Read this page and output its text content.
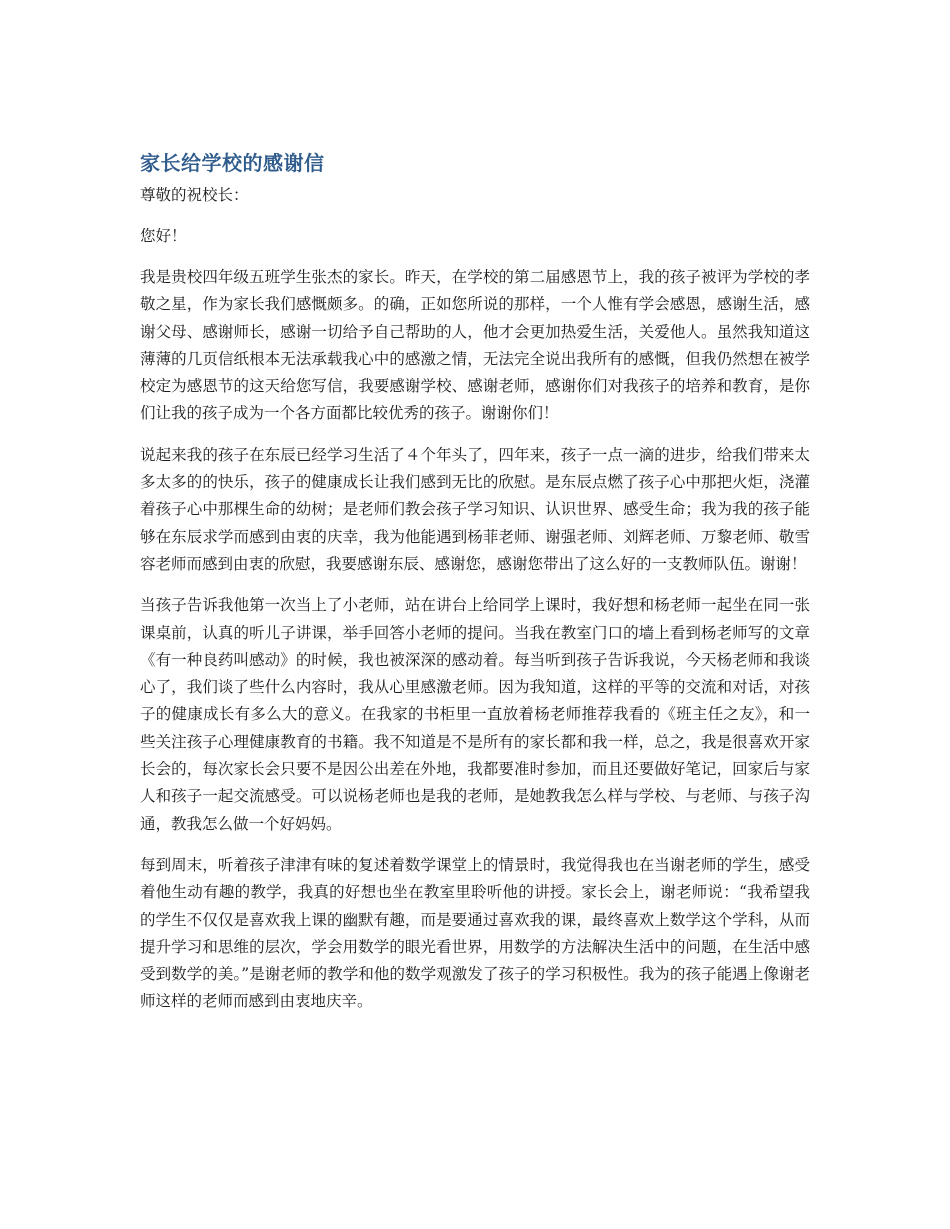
家长给学校的感谢信

尊敬的祝校长：

您好！

我是贵校四年级五班学生张杰的家长。昨天，在学校的第二届感恩节上，我的孩子被评为学校的孝敬之星，作为家长我们感慨颇多。的确，正如您所说的那样，一个人惟有学会感恩，感谢生活，感谢父母、感谢师长，感谢一切给予自己帮助的人，他才会更加热爱生活，关爱他人。虽然我知道这薄薄的几页信纸根本无法承载我心中的感激之情，无法完全说出我所有的感慨，但我仍然想在被学校定为感恩节的这天给您写信，我要感谢学校、感谢老师，感谢你们对我孩子的培养和教育，是你们让我的孩子成为一个各方面都比较优秀的孩子。谢谢你们！

说起来我的孩子在东辰已经学习生活了４个年头了，四年来，孩子一点一滴的进步，给我们带来太多太多的的快乐，孩子的健康成长让我们感到无比的欣慰。是东辰点燃了孩子心中那把火炬，浇灌着孩子心中那棵生命的幼树；是老师们教会孩子学习知识、认识世界、感受生命；我为我的孩子能够在东辰求学而感到由衷的庆幸，我为他能遇到杨菲老师、谢强老师、刘辉老师、万黎老师、敬雪容老师而感到由衷的欣慰，我要感谢东辰、感谢您，感谢您带出了这么好的一支教师队伍。谢谢！

当孩子告诉我他第一次当上了小老师，站在讲台上给同学上课时，我好想和杨老师一起坐在同一张课桌前，认真的听儿子讲课，举手回答小老师的提问。当我在教室门口的墙上看到杨老师写的文章《有一种良药叫感动》的时候，我也被深深的感动着。每当听到孩子告诉我说，今天杨老师和我谈心了，我们谈了些什么内容时，我从心里感激老师。因为我知道，这样的平等的交流和对话，对孩子的健康成长有多么大的意义。在我家的书柜里一直放着杨老师推荐我看的《班主任之友》，和一些关注孩子心理健康教育的书籍。我不知道是不是所有的家长都和我一样，总之，我是很喜欢开家长会的，每次家长会只要不是因公出差在外地，我都要准时参加，而且还要做好笔记，回家后与家人和孩子一起交流感受。可以说杨老师也是我的老师，是她教我怎么样与学校、与老师、与孩子沟通，教我怎么做一个好妈妈。

每到周末，听着孩子津津有味的复述着数学课堂上的情景时，我觉得我也在当谢老师的学生，感受着他生动有趣的教学，我真的好想也坐在教室里聆听他的讲授。家长会上，谢老师说：“我希望我的学生不仅仅是喜欢我上课的幽默有趣，而是要通过喜欢我的课，最终喜欢上数学这个学科，从而提升学习和思维的层次，学会用数学的眼光看世界，用数学的方法解决生活中的问题，在生活中感受到数学的美。”是谢老师的教学和他的数学观激发了孩子的学习积极性。我为的孩子能遇上像谢老师这样的老师而感到由衷地庆辛。
